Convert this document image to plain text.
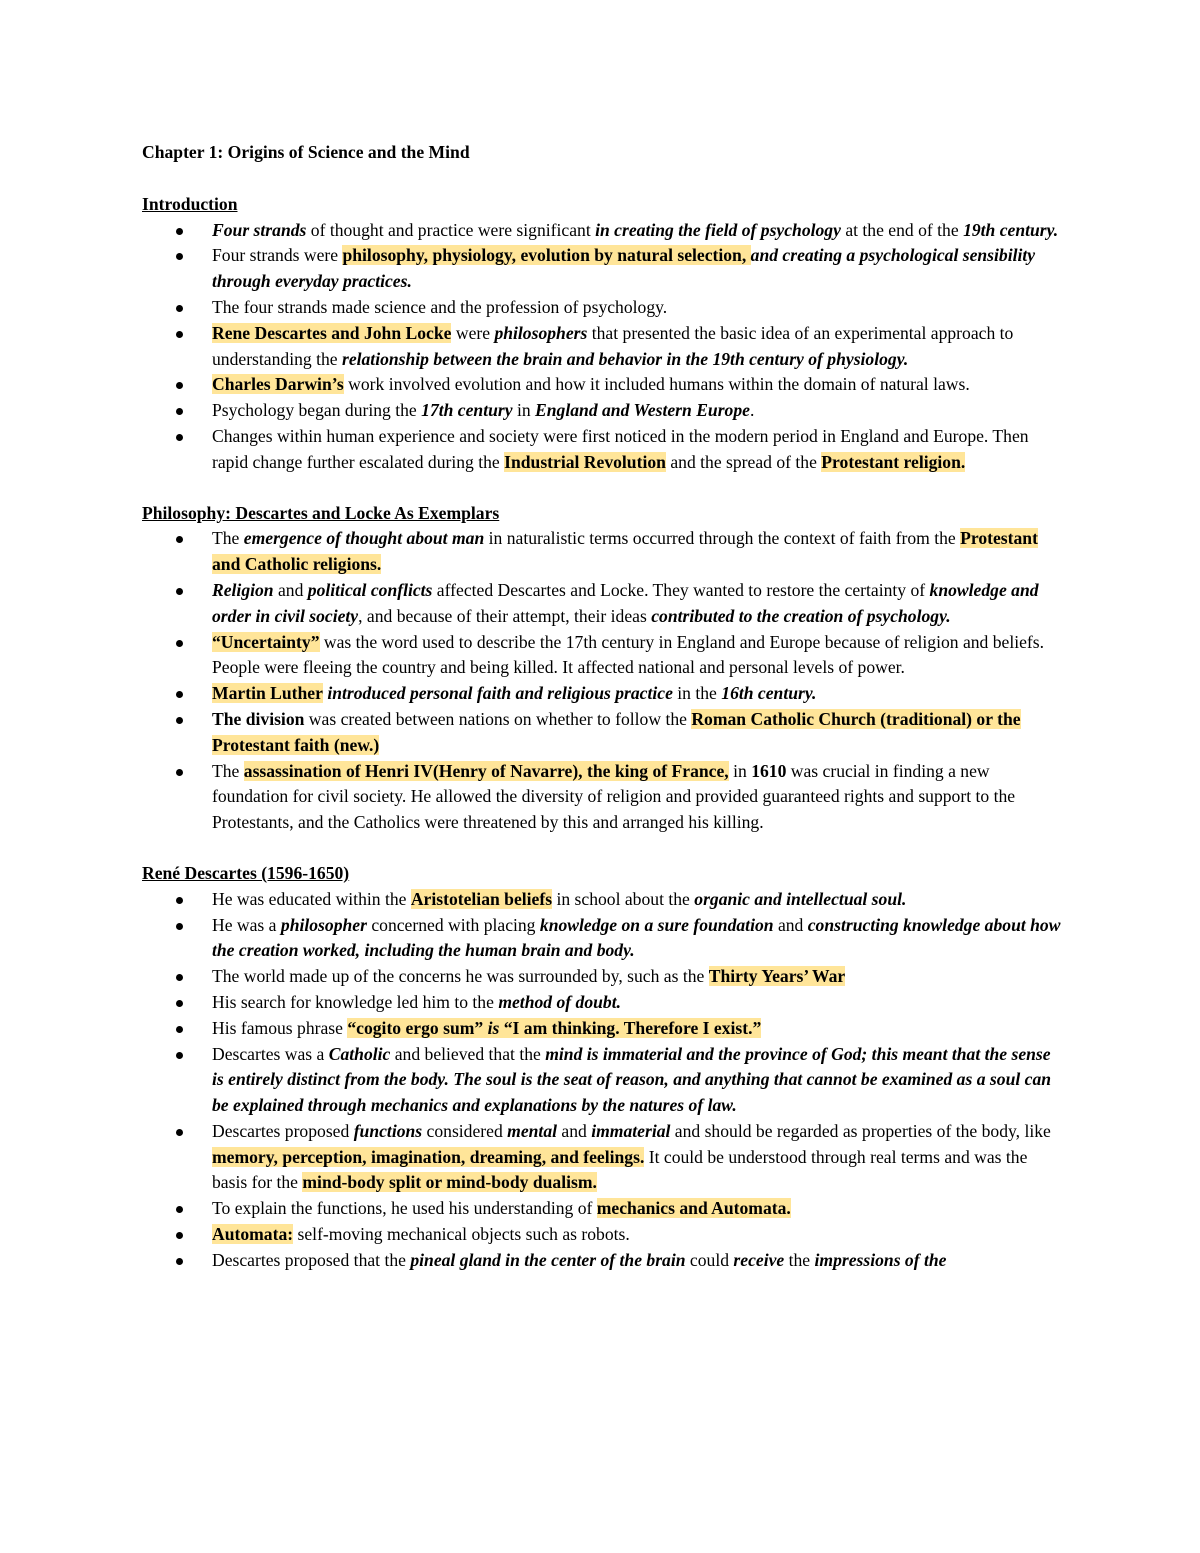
Chapter 1: Origins of Science and the Mind
Introduction
Four strands of thought and practice were significant in creating the field of psychology at the end of the 19th century.
Four strands were philosophy, physiology, evolution by natural selection, and creating a psychological sensibility through everyday practices.
The four strands made science and the profession of psychology.
Rene Descartes and John Locke were philosophers that presented the basic idea of an experimental approach to understanding the relationship between the brain and behavior in the 19th century of physiology.
Charles Darwin’s work involved evolution and how it included humans within the domain of natural laws.
Psychology began during the 17th century in England and Western Europe.
Changes within human experience and society were first noticed in the modern period in England and Europe. Then rapid change further escalated during the Industrial Revolution and the spread of the Protestant religion.
Philosophy: Descartes and Locke As Exemplars
The emergence of thought about man in naturalistic terms occurred through the context of faith from the Protestant and Catholic religions.
Religion and political conflicts affected Descartes and Locke. They wanted to restore the certainty of knowledge and order in civil society, and because of their attempt, their ideas contributed to the creation of psychology.
“Uncertainty” was the word used to describe the 17th century in England and Europe because of religion and beliefs. People were fleeing the country and being killed. It affected national and personal levels of power.
Martin Luther introduced personal faith and religious practice in the 16th century.
The division was created between nations on whether to follow the Roman Catholic Church (traditional) or the Protestant faith (new.)
The assassination of Henri IV(Henry of Navarre), the king of France, in 1610 was crucial in finding a new foundation for civil society. He allowed the diversity of religion and provided guaranteed rights and support to the Protestants, and the Catholics were threatened by this and arranged his killing.
René Descartes (1596-1650)
He was educated within the Aristotelian beliefs in school about the organic and intellectual soul.
He was a philosopher concerned with placing knowledge on a sure foundation and constructing knowledge about how the creation worked, including the human brain and body.
The world made up of the concerns he was surrounded by, such as the Thirty Years’ War
His search for knowledge led him to the method of doubt.
His famous phrase “cogito ergo sum” is “I am thinking. Therefore I exist.”
Descartes was a Catholic and believed that the mind is immaterial and the province of God; this meant that the sense is entirely distinct from the body. The soul is the seat of reason, and anything that cannot be examined as a soul can be explained through mechanics and explanations by the natures of law.
Descartes proposed functions considered mental and immaterial and should be regarded as properties of the body, like memory, perception, imagination, dreaming, and feelings. It could be understood through real terms and was the basis for the mind-body split or mind-body dualism.
To explain the functions, he used his understanding of mechanics and Automata.
Automata: self-moving mechanical objects such as robots.
Descartes proposed that the pineal gland in the center of the brain could receive the impressions of the
